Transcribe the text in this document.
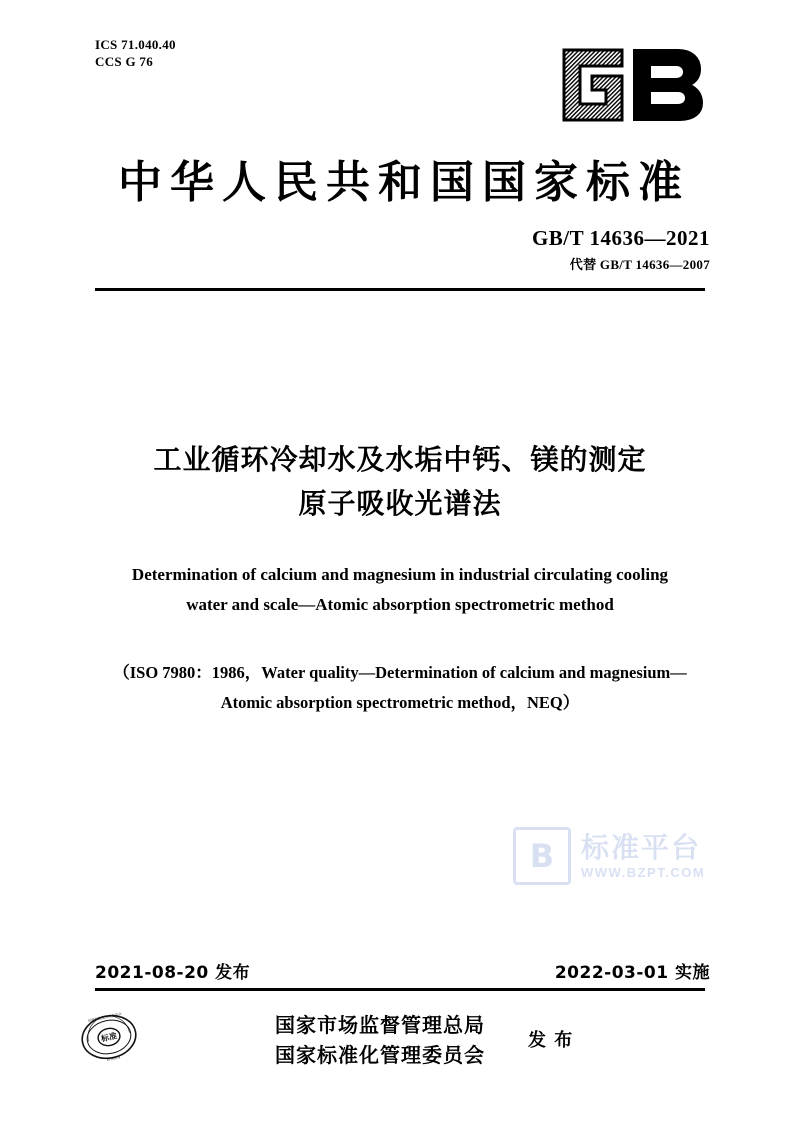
ICS 71.040.40
CCS G 76
中华人民共和国国家标准
GB/T 14636—2021
代替 GB/T 14636—2007
工业循环冷却水及水垢中钙、镁的测定
原子吸收光谱法
Determination of calcium and magnesium in industrial circulating cooling
water and scale—Atomic absorption spectrometric method
（ISO 7980：1986，Water quality—Determination of calcium and magnesium—
Atomic absorption spectrometric method，NEQ）
B 标准平台
WWW.BZPT.COM
2021-08-20 发布	2022-03-01 实施
标准
国家标准化管理委员会
防伪查询
国家市场监督管理总局
国家标准化管理委员会
发 布
